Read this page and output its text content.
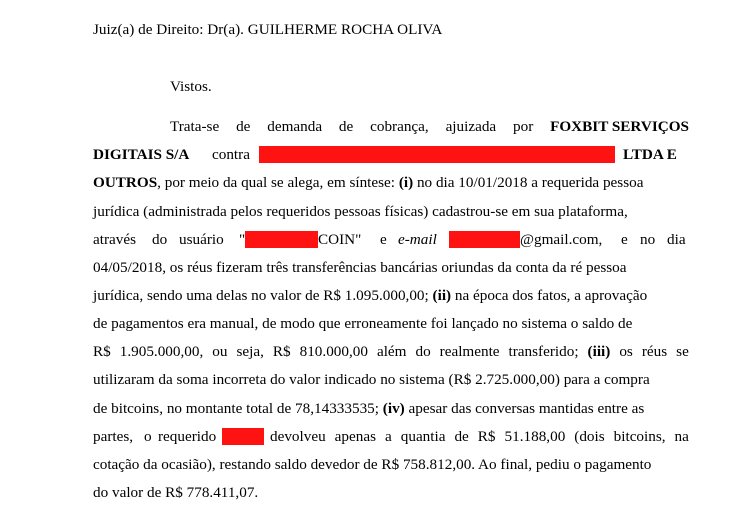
Juiz(a) de Direito: Dr(a). GUILHERME ROCHA OLIVA
Vistos.
Trata-se de demanda de cobrança, ajuizada por FOXBIT SERVIÇOS
DIGITAIS S/A contra	LTDA E
OUTROS, por meio da qual se alega, em síntese: (i) no dia 10/01/2018 a requerida pessoa
jurídica (administrada pelos requeridos pessoas físicas) cadastrou-se em sua plataforma,
através do usuário "	COIN" e e-mail	@gmail.com, e no dia
04/05/2018, os réus fizeram três transferências bancárias oriundas da conta da ré pessoa
jurídica, sendo uma delas no valor de R$ 1.095.000,00; (ii) na época dos fatos, a aprovação
de pagamentos era manual, de modo que erroneamente foi lançado no sistema o saldo de
R$ 1.905.000,00, ou seja, R$ 810.000,00 além do realmente transferido; (iii) os réus se
utilizaram da soma incorreta do valor indicado no sistema (R$ 2.725.000,00) para a compra
de bitcoins, no montante total de 78,14333535; (iv) apesar das conversas mantidas entre as
partes, o requerido	devolveu apenas a quantia de R$ 51.188,00 (dois bitcoins, na
cotação da ocasião), restando saldo devedor de R$ 758.812,00. Ao final, pediu o pagamento
do valor de R$ 778.411,07.
